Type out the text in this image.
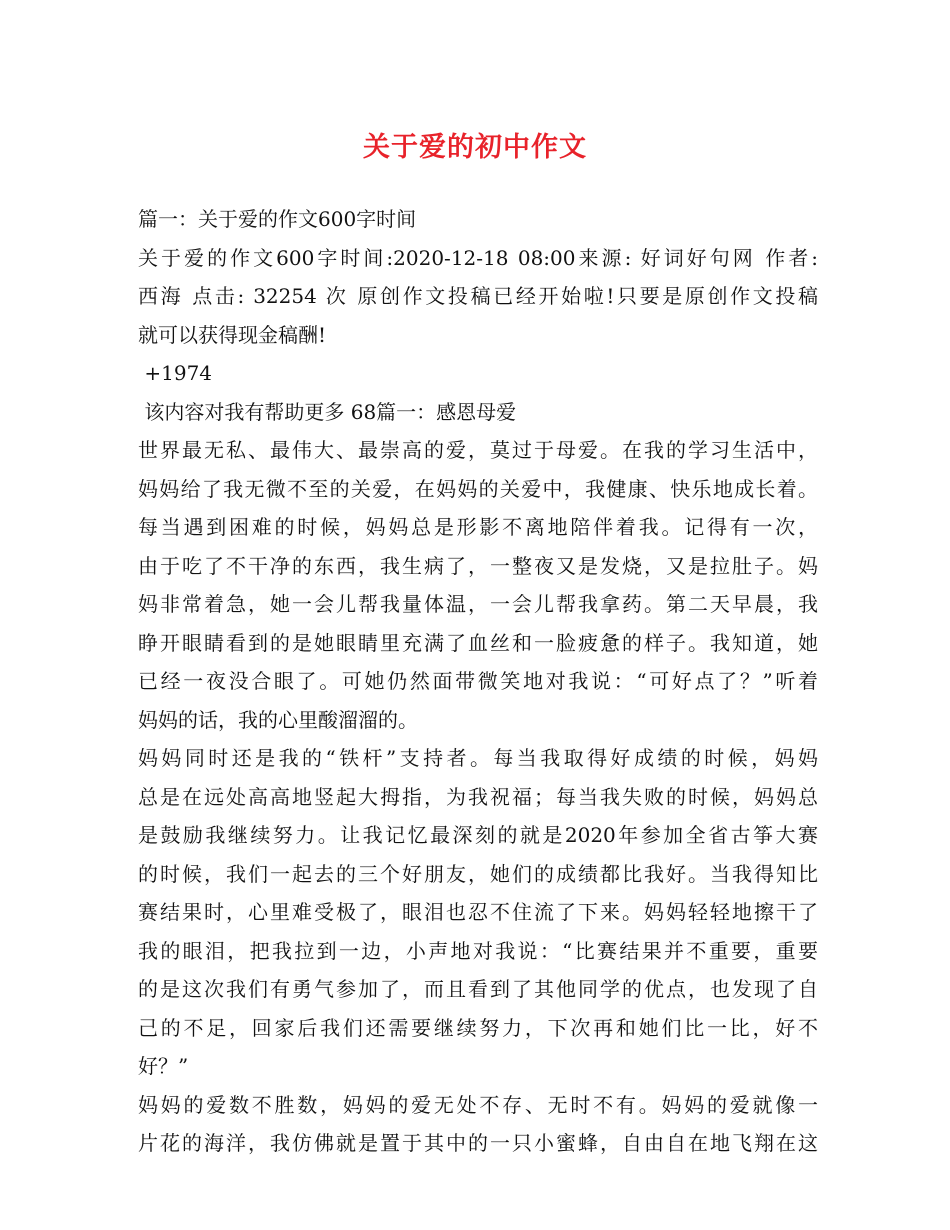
关于爱的初中作文
篇一：关于爱的作文600字时间
关于爱的作文600字时间:2020-12-18 08:00来源: 好词好句网 作者:
西海 点击: 32254 次 原创作文投稿已经开始啦!只要是原创作文投稿
就可以获得现金稿酬!
+1974
该内容对我有帮助更多 68篇一：感恩母爱
世界最无私、最伟大、最崇高的爱，莫过于母爱。在我的学习生活中，
妈妈给了我无微不至的关爱，在妈妈的关爱中，我健康、快乐地成长着。
每当遇到困难的时候，妈妈总是形影不离地陪伴着我。记得有一次，
由于吃了不干净的东西，我生病了，一整夜又是发烧，又是拉肚子。妈
妈非常着急，她一会儿帮我量体温，一会儿帮我拿药。第二天早晨，我
睁开眼睛看到的是她眼睛里充满了血丝和一脸疲惫的样子。我知道，她
已经一夜没合眼了。可她仍然面带微笑地对我说：“可好点了？”听着
妈妈的话，我的心里酸溜溜的。
妈妈同时还是我的“铁杆”支持者。每当我取得好成绩的时候，妈妈
总是在远处高高地竖起大拇指，为我祝福；每当我失败的时候，妈妈总
是鼓励我继续努力。让我记忆最深刻的就是2020年参加全省古筝大赛
的时候，我们一起去的三个好朋友，她们的成绩都比我好。当我得知比
赛结果时，心里难受极了，眼泪也忍不住流了下来。妈妈轻轻地擦干了
我的眼泪，把我拉到一边，小声地对我说：“比赛结果并不重要，重要
的是这次我们有勇气参加了，而且看到了其他同学的优点，也发现了自
己的不足，回家后我们还需要继续努力，下次再和她们比一比，好不
好？”
妈妈的爱数不胜数，妈妈的爱无处不存、无时不有。妈妈的爱就像一
片花的海洋，我仿佛就是置于其中的一只小蜜蜂，自由自在地飞翔在这
